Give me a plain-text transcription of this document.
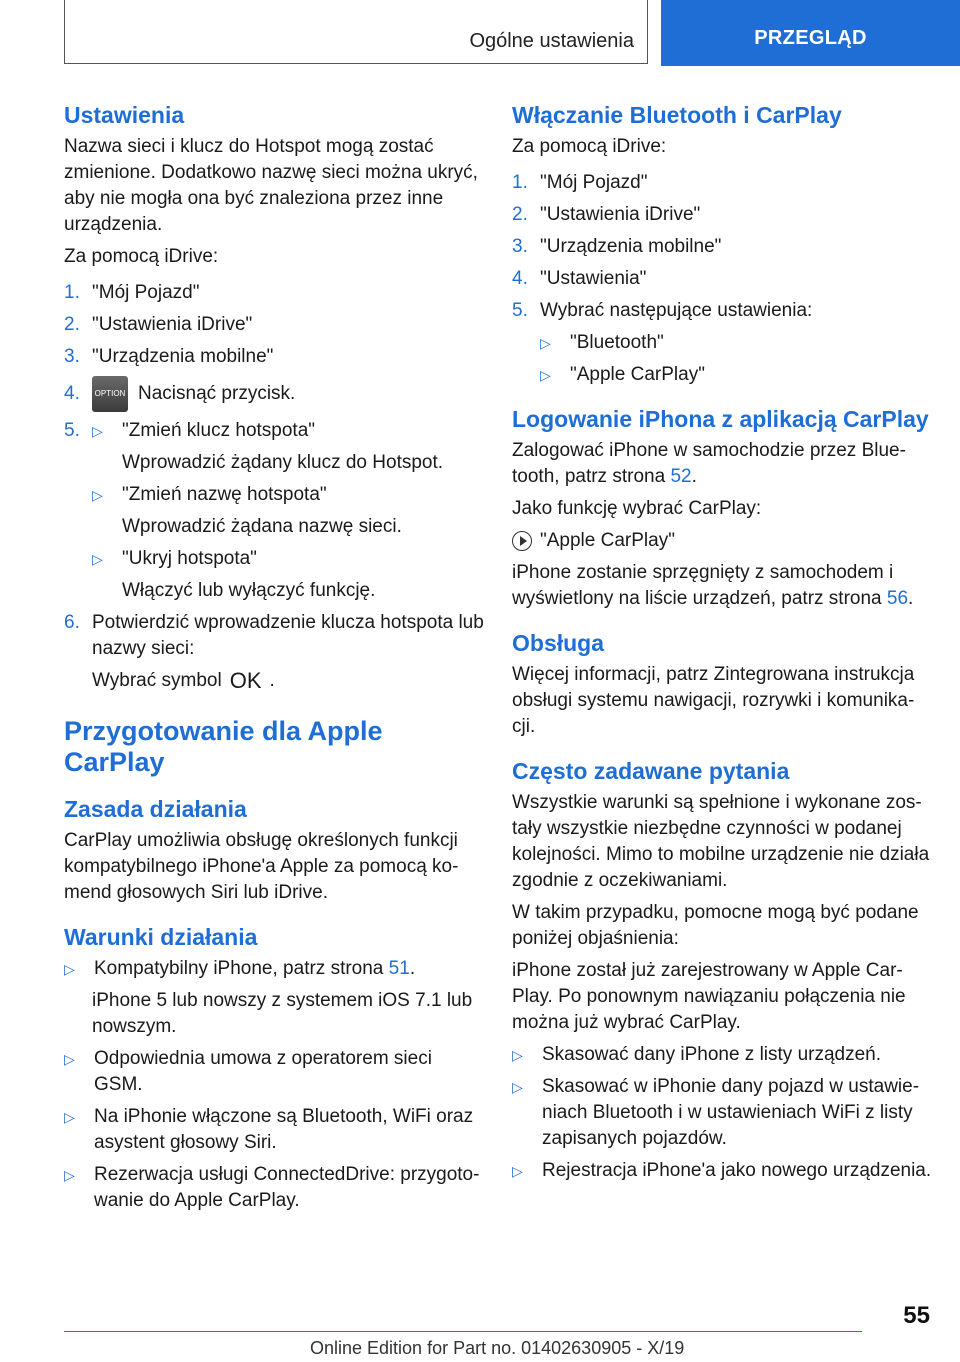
Ogólne ustawienia	PRZEGLĄD
Ustawienia

Nazwa sieci i klucz do Hotspot mogą zostać zmienione. Dodatkowo nazwę sieci można ukryć, aby nie mogła ona być znaleziona przez inne urządzenia.

Za pomocą iDrive:

1. "Mój Pojazd"
2. "Ustawienia iDrive"
3. "Urządzenia mobilne"
4.	OPTION Nacisnąć przycisk.
5. ▷	"Zmień klucz hotspota"

Wprowadzić żądany klucz do Hotspot.

▷	"Zmień nazwę hotspota"

Wprowadzić żądana nazwę sieci.

▷	"Ukryj hotspota"

Włączyć lub wyłączyć funkcję.

6. Potwierdzić wprowadzenie klucza hotspota lub nazwy sieci:

Wybrać symbol OK .

Przygotowanie dla Apple CarPlay
Zasada działania

CarPlay umożliwia obsługę określonych funkcji kompatybilnego iPhone'a Apple za pomocą ko-mend głosowych Siri lub iDrive.

Warunki działania
▷	Kompatybilny iPhone, patrz strona 51.

iPhone 5 lub nowszy z systemem iOS 7.1 lub nowszym.

▷	Odpowiednia umowa z operatorem sieci GSM.
▷	Na iPhonie włączone są Bluetooth, WiFi oraz asystent głosowy Siri.
▷	Rezerwacja usługi ConnectedDrive: przygoto-wanie do Apple CarPlay.
Włączanie Bluetooth i CarPlay

Za pomocą iDrive:

1. "Mój Pojazd"
2. "Ustawienia iDrive"
3. "Urządzenia mobilne"
4. "Ustawienia"
5. Wybrać następujące ustawienia:
▷	"Bluetooth"
▷	"Apple CarPlay"
Logowanie iPhona z aplikacją CarPlay

Zalogować iPhone w samochodzie przez Blue-tooth, patrz strona 52.

Jako funkcję wybrać CarPlay:

"Apple CarPlay"

iPhone zostanie sprzęgnięty z samochodem i wyświetlony na liście urządzeń, patrz strona 56.

Obsługa

Więcej informacji, patrz Zintegrowana instrukcja obsługi systemu nawigacji, rozrywki i komunika-cji.

Często zadawane pytania

Wszystkie warunki są spełnione i wykonane zos-tały wszystkie niezbędne czynności w podanej kolejności. Mimo to mobilne urządzenie nie działa zgodnie z oczekiwaniami.

W takim przypadku, pomocne mogą być podane poniżej objaśnienia:

iPhone został już zarejestrowany w Apple Car-Play. Po ponownym nawiązaniu połączenia nie można już wybrać CarPlay.

▷	Skasować dany iPhone z listy urządzeń.
▷	Skasować w iPhonie dany pojazd w ustawie-niach Bluetooth i w ustawieniach WiFi z listy zapisanych pojazdów.
▷	Rejestracja iPhone'a jako nowego urządzenia.
55
Online Edition for Part no. 01402630905 - X/19
